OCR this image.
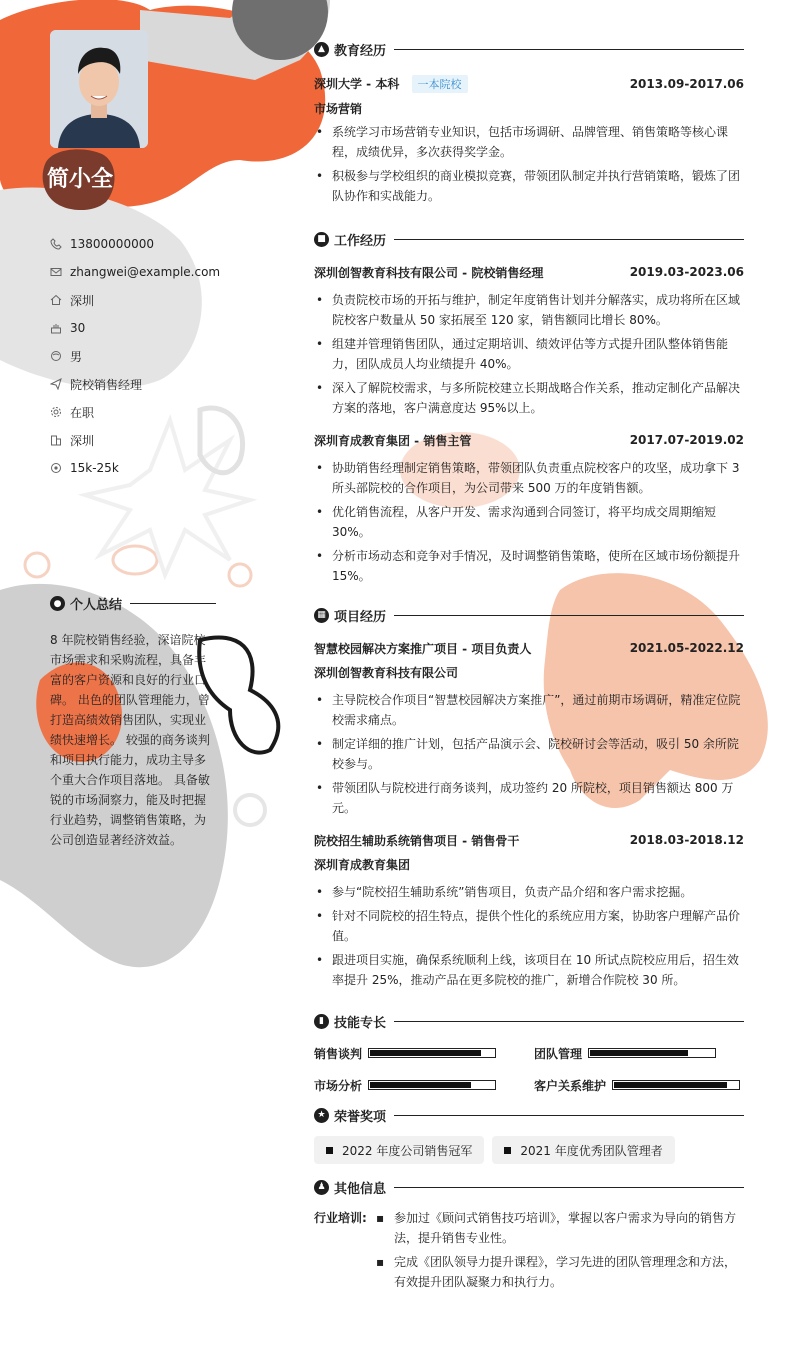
简小全
13800000000
zhangwei@example.com
深圳
30
男
院校销售经理
在职
深圳
15k-25k
● 个人总结
8 年院校销售经验，深谙院校市场需求和采购流程，具备丰富的客户资源和良好的行业口碑。 出色的团队管理能力，曾打造高绩效销售团队，实现业绩快速增长。 较强的商务谈判和项目执行能力，成功主导多个重大合作项目落地。 具备敏锐的市场洞察力，能及时把握行业趋势，调整销售策略，为公司创造显著经济效益。
▲ 教育经历
深圳大学 - 本科 一本院校	2013.09-2017.06
市场营销
• 系统学习市场营销专业知识，包括市场调研、品牌管理、销售策略等核心课程，成绩优异，多次获得奖学金。
• 积极参与学校组织的商业模拟竞赛，带领团队制定并执行营销策略，锻炼了团队协作和实战能力。
■ 工作经历
深圳创智教育科技有限公司 - 院校销售经理	2019.03-2023.06
• 负责院校市场的开拓与维护，制定年度销售计划并分解落实，成功将所在区域院校客户数量从 50 家拓展至 120 家，销售额同比增长 80%。
• 组建并管理销售团队，通过定期培训、绩效评估等方式提升团队整体销售能力，团队成员人均业绩提升 40%。
• 深入了解院校需求，与多所院校建立长期战略合作关系，推动定制化产品解决方案的落地，客户满意度达 95%以上。
深圳育成教育集团 - 销售主管	2017.07-2019.02
• 协助销售经理制定销售策略，带领团队负责重点院校客户的攻坚，成功拿下 3 所头部院校的合作项目，为公司带来 500 万的年度销售额。
• 优化销售流程，从客户开发、需求沟通到合同签订，将平均成交周期缩短 30%。
• 分析市场动态和竞争对手情况，及时调整销售策略，使所在区域市场份额提升 15%。
▦ 项目经历
智慧校园解决方案推广项目 - 项目负责人	2021.05-2022.12
深圳创智教育科技有限公司
• 主导院校合作项目“智慧校园解决方案推广”，通过前期市场调研，精准定位院校需求痛点。
• 制定详细的推广计划，包括产品演示会、院校研讨会等活动，吸引 50 余所院校参与。
• 带领团队与院校进行商务谈判，成功签约 20 所院校，项目销售额达 800 万元。
院校招生辅助系统销售项目 - 销售骨干	2018.03-2018.12
深圳育成教育集团
• 参与“院校招生辅助系统”销售项目，负责产品介绍和客户需求挖掘。
• 针对不同院校的招生特点，提供个性化的系统应用方案，协助客户理解产品价值。
• 跟进项目实施，确保系统顺利上线，该项目在 10 所试点院校应用后，招生效率提升 25%，推动产品在更多院校的推广，新增合作院校 30 所。
▮ 技能专长
销售谈判	团队管理
市场分析	客户关系维护
★ 荣誉奖项
2022 年度公司销售冠军	2021 年度优秀团队管理者
♟ 其他信息
行业培训:
▪	参加过《顾问式销售技巧培训》，掌握以客户需求为导向的销售方法，提升销售专业性。
▪ 完成《团队领导力提升课程》，学习先进的团队管理理念和方法，有效提升团队凝聚力和执行力。
